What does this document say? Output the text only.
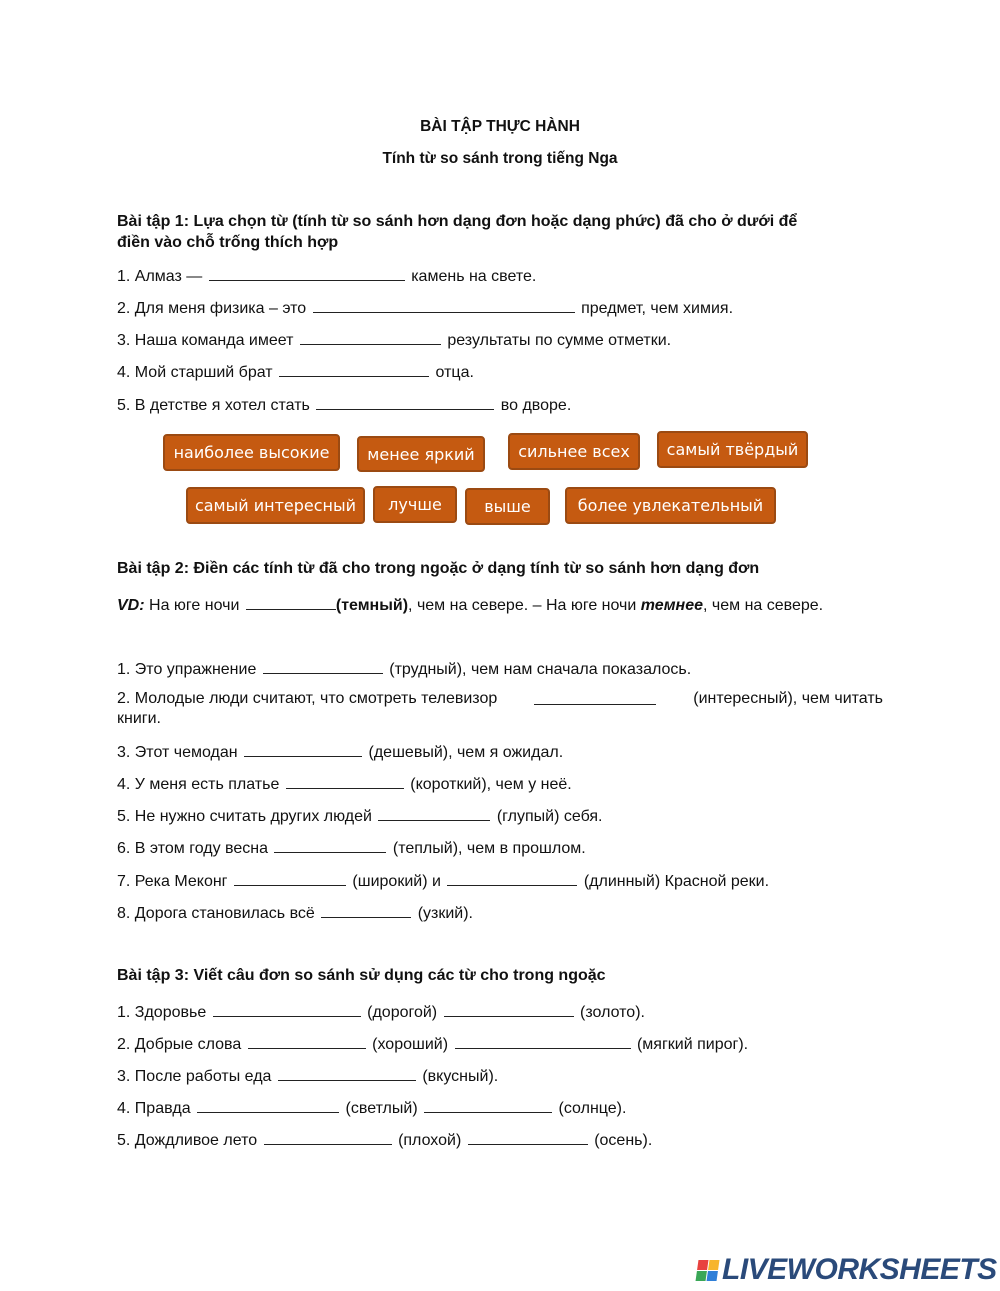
BÀI TẬP THỰC HÀNH
Tính từ so sánh trong tiếng Nga
Bài tập 1: Lựa chọn từ (tính từ so sánh hơn dạng đơn hoặc dạng phức) đã cho ở dưới để
điền vào chỗ trống thích hợp
1. Алмаз —	камень на свете.
2. Для меня физика – это	предмет, чем химия.
3. Наша команда имеет	результаты по сумме отметки.
4. Мой старший брат	отца.
5. В детстве я хотел стать	во дворе.
наиболее высокие	менее яркий	сильнее всех	самый твёрдый
самый интересный	лучше	выше	более увлекательный
Bài tập 2: Điền các tính từ đã cho trong ngoặc ở dạng tính từ so sánh hơn dạng đơn
VD: На юге ночи	(темный), чем на севере. – На юге ночи темнее, чем на севере.
1. Это упражнение	(трудный), чем нам сначала показалось.
2. Молодые люди считают, что смотреть телевизор	(интересный), чем читать
книги.
3. Этот чемодан	(дешевый), чем я ожидал.
4. У меня есть платье	(короткий), чем у неё.
5. Не нужно считать других людей	(глупый) себя.
6. В этом году весна	(теплый), чем в прошлом.
7. Река Меконг	(широкий) и	(длинный) Красной реки.
8. Дорога становилась всё	(узкий).
Bài tập 3: Viết câu đơn so sánh sử dụng các từ cho trong ngoặc
1. Здоровье	(дорогой)	(золото).
2. Добрые слова	(хороший)	(мягкий пирог).
3. После работы еда	(вкусный).
4. Правда	(светлый)	(солнце).
5. Дождливое лето	(плохой)	(осень).
LIVEWORKSHEETS
